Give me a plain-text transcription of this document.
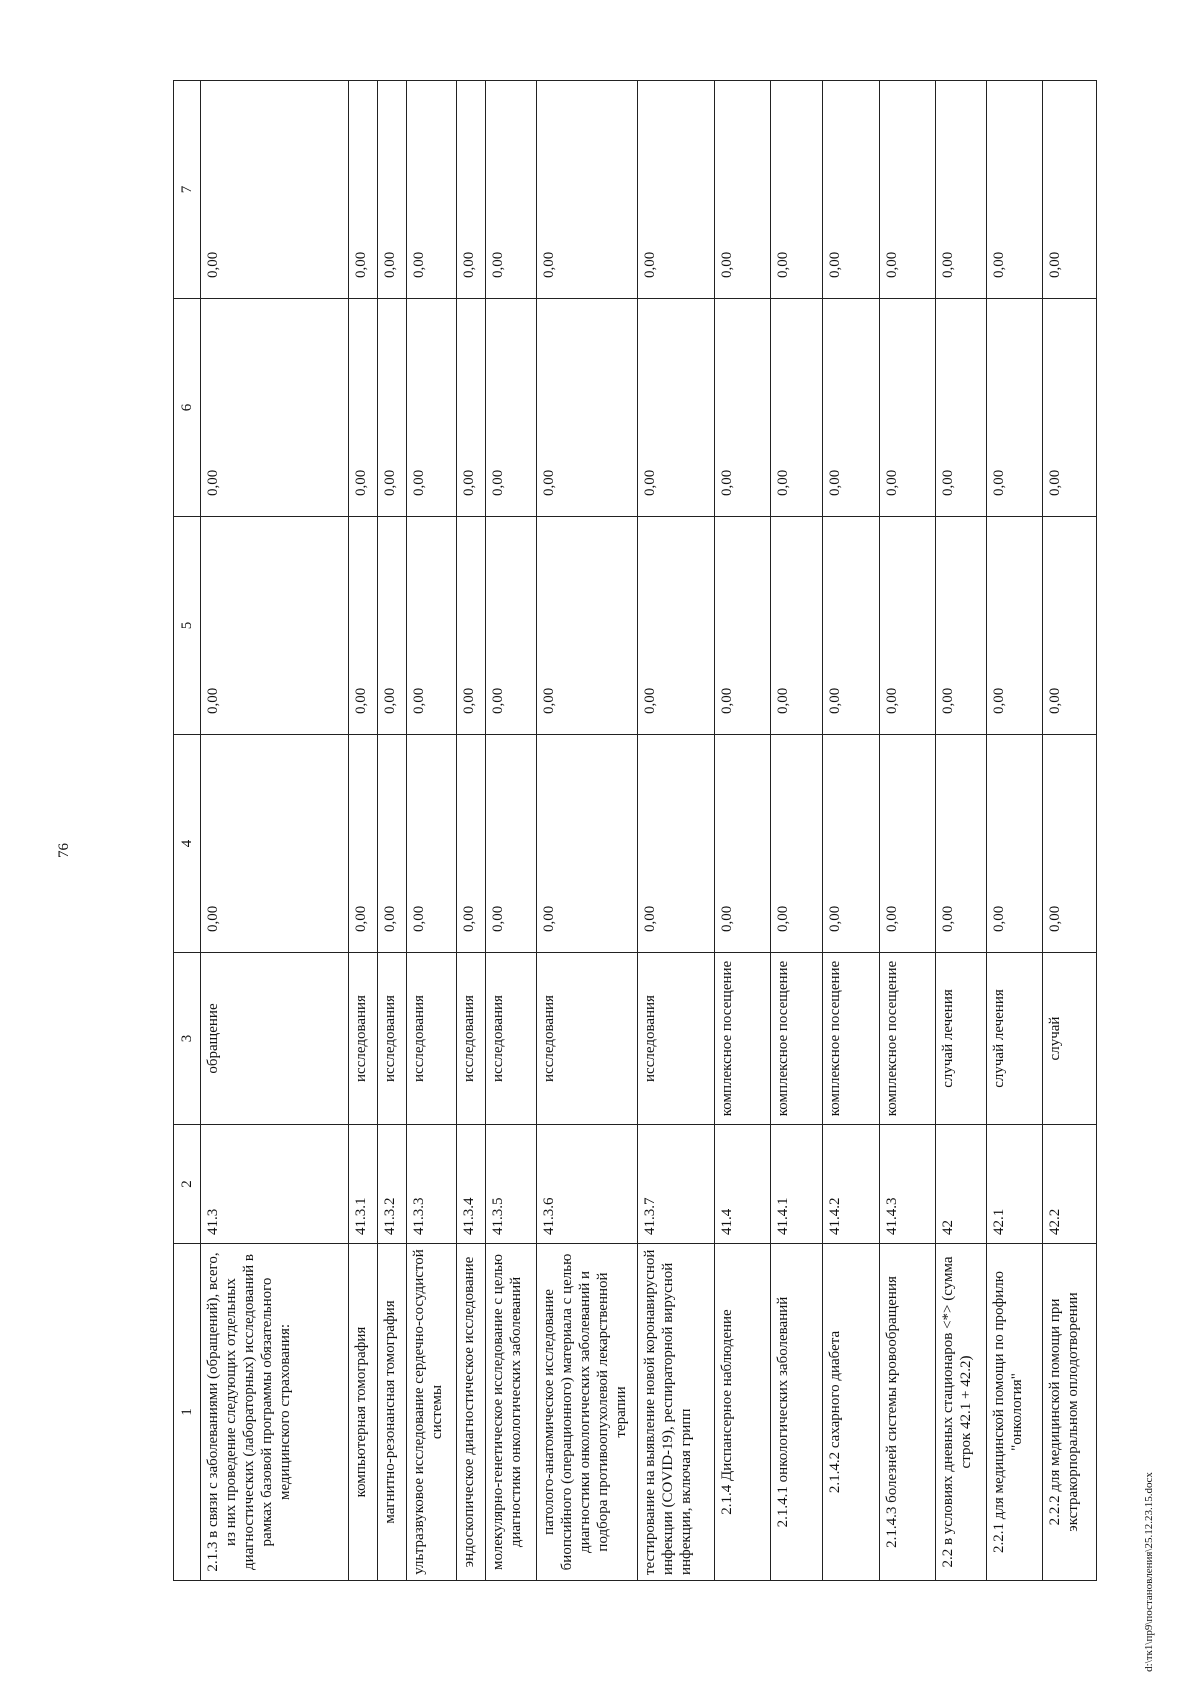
76
1	2	3	4	5	6	7
2.1.3 в связи с заболеваниями (обращений), всего, из них проведение следующих отдельных диагностических (лабораторных) исследований в рамках базовой программы обязательного медицинского страхования:	41.3	обращение	0,00	0,00	0,00	0,00
компьютерная томография	41.3.1	исследования	0,00	0,00	0,00	0,00
магнитно-резонансная томография	41.3.2	исследования	0,00	0,00	0,00	0,00
ультразвуковое исследование сердечно-сосудистой системы	41.3.3	исследования	0,00	0,00	0,00	0,00
эндоскопическое диагностическое исследование	41.3.4	исследования	0,00	0,00	0,00	0,00
молекулярно-генетическое исследование с целью диагностики онкологических заболеваний	41.3.5	исследования	0,00	0,00	0,00	0,00
патолого-анатомическое исследование биопсийного (операционного) материала с целью диагностики онкологических заболеваний и подбора противоопухолевой лекарственной терапии	41.3.6	исследования	0,00	0,00	0,00	0,00
тестирование на выявление новой коронавирусной инфекции (COVID-19), респираторной вирусной инфекции, включая грипп	41.3.7	исследования	0,00	0,00	0,00	0,00
2.1.4 Диспансерное наблюдение	41.4	комплексное посещение	0,00	0,00	0,00	0,00
2.1.4.1 онкологических заболеваний	41.4.1	комплексное посещение	0,00	0,00	0,00	0,00
2.1.4.2 сахарного диабета	41.4.2	комплексное посещение	0,00	0,00	0,00	0,00
2.1.4.3 болезней системы кровообращения	41.4.3	комплексное посещение	0,00	0,00	0,00	0,00
2.2 в условиях дневных стационаров <*> (сумма строк 42.1 + 42.2)	42	случай лечения	0,00	0,00	0,00	0,00
2.2.1 для медицинской помощи по профилю "онкология"	42.1	случай лечения	0,00	0,00	0,00	0,00
2.2.2 для медицинской помощи при экстракорпоральном оплодотворении	42.2	случай	0,00	0,00	0,00	0,00
d:\тк1\пр9\постановления\25.12.23.15.docx
